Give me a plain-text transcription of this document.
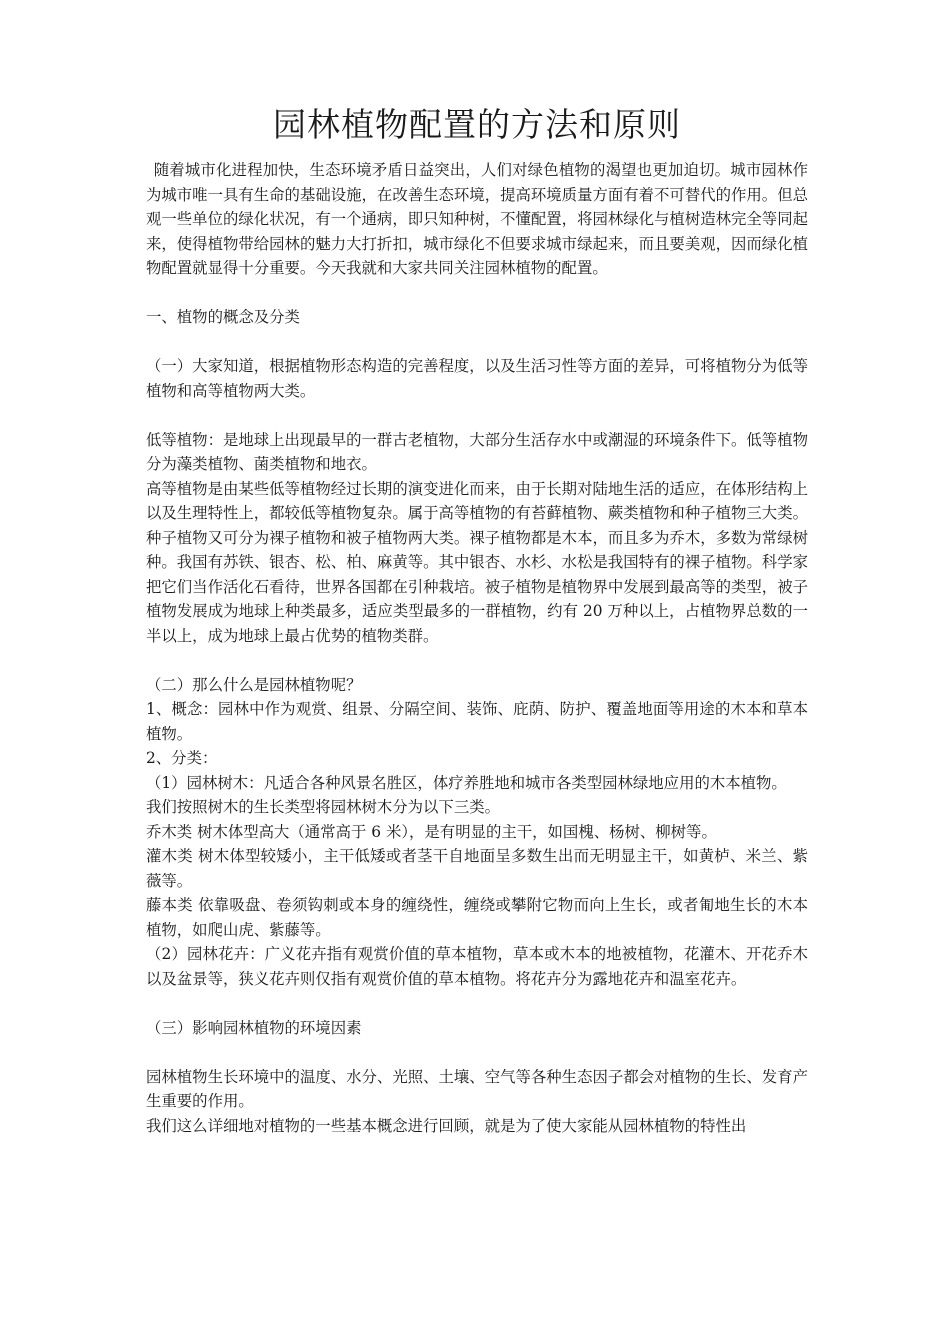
园林植物配置的方法和原则

随着城市化进程加快，生态环境矛盾日益突出，人们对绿色植物的渴望也更加迫切。城市园林作为城市唯一具有生命的基础设施，在改善生态环境，提高环境质量方面有着不可替代的作用。但总观一些单位的绿化状况，有一个通病，即只知种树，不懂配置，将园林绿化与植树造林完全等同起来，使得植物带给园林的魅力大打折扣，城市绿化不但要求城市绿起来，而且要美观，因而绿化植物配置就显得十分重要。今天我就和大家共同关注园林植物的配置。

一、植物的概念及分类

（一）大家知道，根据植物形态构造的完善程度，以及生活习性等方面的差异，可将植物分为低等植物和高等植物两大类。

低等植物：是地球上出现最早的一群古老植物，大部分生活存水中或潮湿的环境条件下。低等植物分为藻类植物、菌类植物和地衣。

高等植物是由某些低等植物经过长期的演变进化而来，由于长期对陆地生活的适应，在体形结构上以及生理特性上，都较低等植物复杂。属于高等植物的有苔藓植物、蕨类植物和种子植物三大类。种子植物又可分为裸子植物和被子植物两大类。裸子植物都是木本，而且多为乔木，多数为常绿树种。我国有苏铁、银杏、松、柏、麻黄等。其中银杏、水杉、水松是我国特有的裸子植物。科学家把它们当作活化石看待，世界各国都在引种栽培。被子植物是植物界中发展到最高等的类型，被子植物发展成为地球上种类最多，适应类型最多的一群植物，约有 20 万种以上，占植物界总数的一半以上，成为地球上最占优势的植物类群。

（二）那么什么是园林植物呢？

1、概念：园林中作为观赏、组景、分隔空间、装饰、庇荫、防护、覆盖地面等用途的木本和草本植物。

2、分类：

（1）园林树木：凡适合各种风景名胜区，体疗养胜地和城市各类型园林绿地应用的木本植物。

我们按照树木的生长类型将园林树木分为以下三类。

乔木类 树木体型高大（通常高于 6 米），是有明显的主干，如国槐、杨树、柳树等。

灌木类 树木体型较矮小，主干低矮或者茎干自地面呈多数生出而无明显主干，如黄栌、米兰、紫薇等。

藤本类 依靠吸盘、卷须钩刺或本身的缠绕性，缠绕或攀附它物而向上生长，或者匍地生长的木本植物，如爬山虎、紫藤等。

（2）园林花卉：广义花卉指有观赏价值的草本植物，草本或木本的地被植物，花灌木、开花乔木以及盆景等，狭义花卉则仅指有观赏价值的草本植物。将花卉分为露地花卉和温室花卉。

（三）影响园林植物的环境因素

园林植物生长环境中的温度、水分、光照、土壤、空气等各种生态因子都会对植物的生长、发育产生重要的作用。

我们这么详细地对植物的一些基本概念进行回顾，就是为了使大家能从园林植物的特性出
